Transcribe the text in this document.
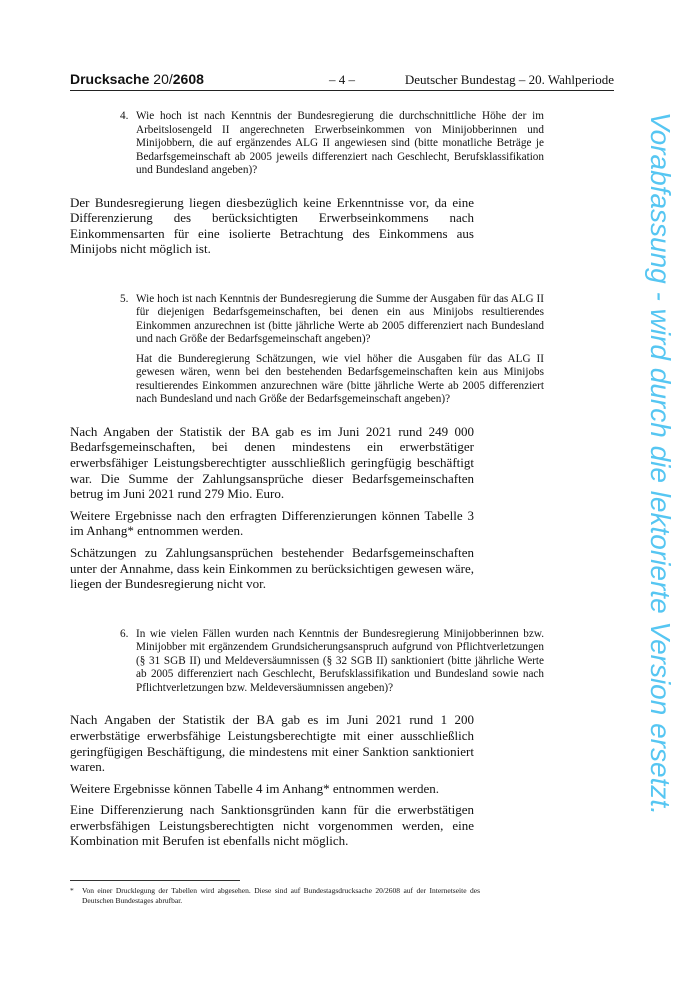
Drucksache 20/2608	– 4 –	Deutscher Bundestag – 20. Wahlperiode
4. Wie hoch ist nach Kenntnis der Bundesregierung die durchschnittliche Höhe der im Arbeitslosengeld II angerechneten Erwerbseinkommen von Minijobberinnen und Minijobbern, die auf ergänzendes ALG II angewiesen sind (bitte monatliche Beträge je Bedarfsgemeinschaft ab 2005 jeweils differenziert nach Geschlecht, Berufsklassifikation und Bundesland angeben)?

Der Bundesregierung liegen diesbezüglich keine Erkenntnisse vor, da eine Differenzierung des berücksichtigten Erwerbseinkommens nach Einkommensarten für eine isolierte Betrachtung des Einkommens aus Minijobs nicht möglich ist.

5. Wie hoch ist nach Kenntnis der Bundesregierung die Summe der Ausgaben für das ALG II für diejenigen Bedarfsgemeinschaften, bei denen ein aus Minijobs resultierendes Einkommen anzurechnen ist (bitte jährliche Werte ab 2005 differenziert nach Bundesland und nach Größe der Bedarfsgemeinschaft angeben)?

Hat die Bunderegierung Schätzungen, wie viel höher die Ausgaben für das ALG II gewesen wären, wenn bei den bestehenden Bedarfsgemeinschaften kein aus Minijobs resultierendes Einkommen anzurechnen wäre (bitte jährliche Werte ab 2005 differenziert nach Bundesland und nach Größe der Bedarfsgemeinschaft angeben)?

Nach Angaben der Statistik der BA gab es im Juni 2021 rund 249 000 Bedarfsgemeinschaften, bei denen mindestens ein erwerbstätiger erwerbsfähiger Leistungsberechtigter ausschließlich geringfügig beschäftigt war. Die Summe der Zahlungsansprüche dieser Bedarfsgemeinschaften betrug im Juni 2021 rund 279 Mio. Euro.

Weitere Ergebnisse nach den erfragten Differenzierungen können Tabelle 3 im Anhang* entnommen werden.

Schätzungen zu Zahlungsansprüchen bestehender Bedarfsgemeinschaften unter der Annahme, dass kein Einkommen zu berücksichtigen gewesen wäre, liegen der Bundesregierung nicht vor.

6. In wie vielen Fällen wurden nach Kenntnis der Bundesregierung Minijobberinnen bzw. Minijobber mit ergänzendem Grundsicherungsanspruch aufgrund von Pflichtverletzungen (§ 31 SGB II) und Meldeversäumnissen (§ 32 SGB II) sanktioniert (bitte jährliche Werte ab 2005 differenziert nach Geschlecht, Berufsklassifikation und Bundesland sowie nach Pflichtverletzungen bzw. Meldeversäumnissen angeben)?

Nach Angaben der Statistik der BA gab es im Juni 2021 rund 1 200 erwerbstätige erwerbsfähige Leistungsberechtigte mit einer ausschließlich geringfügigen Beschäftigung, die mindestens mit einer Sanktion sanktioniert waren.

Weitere Ergebnisse können Tabelle 4 im Anhang* entnommen werden.

Eine Differenzierung nach Sanktionsgründen kann für die erwerbstätigen erwerbsfähigen Leistungsberechtigten nicht vorgenommen werden, eine Kombination mit Berufen ist ebenfalls nicht möglich.

*	Von einer Drucklegung der Tabellen wird abgesehen. Diese sind auf Bundestagsdrucksache 20/2608 auf der Internetseite des Deutschen Bundestages abrufbar.
Vorabfassung - wird durch die lektorierte Version ersetzt.
